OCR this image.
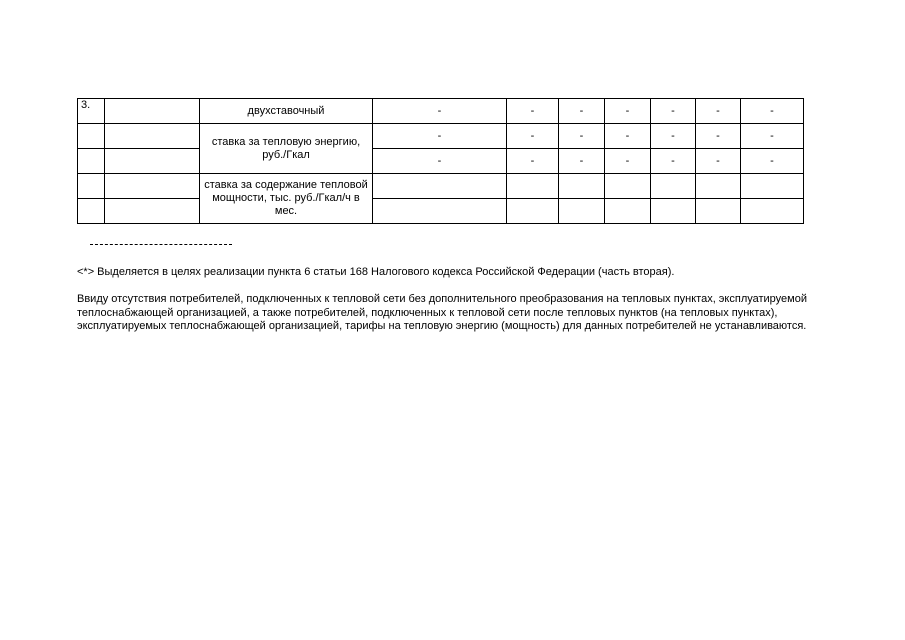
3.		двухставочный	-	-	-	-	-	-	-
		ставка за тепловую энергию, руб./Гкал	-	-	-	-	-	-	-
			-	-	-	-	-	-	-
		ставка за содержание тепловой мощности, тыс. руб./Гкал/ч в мес.							

<*> Выделяется в целях реализации пункта 6 статьи 168 Налогового кодекса Российской Федерации (часть вторая).
Ввиду отсутствия потребителей, подключенных к тепловой сети без дополнительного преобразования на тепловых пунктах, эксплуатируемой теплоснабжающей организацией, а также потребителей, подключенных к тепловой сети после тепловых пунктов (на тепловых пунктах), эксплуатируемых теплоснабжающей организацией, тарифы на тепловую энергию (мощность) для данных потребителей не устанавливаются.
